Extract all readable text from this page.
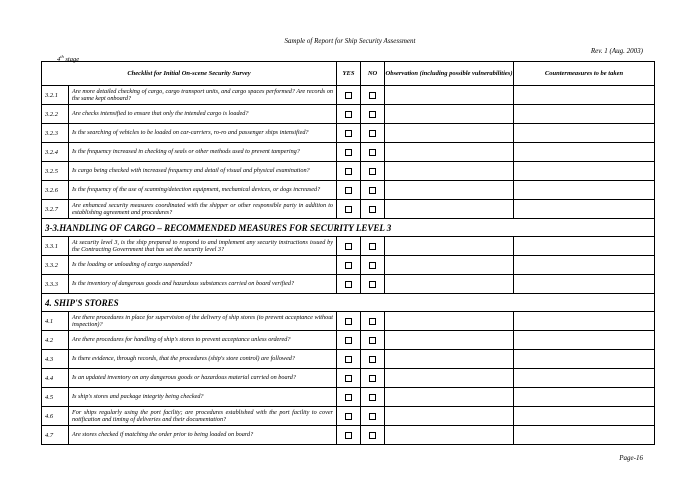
Sample of Report for Ship Security Assessment
Rev. 1 (Aug. 2003)
4th stage
Checklist for Initial On-scene Security Survey		YES	NO	Observation (including possible vulnerabilities)	Countermeasures to be taken
3.2.1	Are more detailed checking of cargo, cargo transport units, and cargo spaces performed? Are records on the same kept onboard?				
3.2.2	Are checks intensified to ensure that only the intended cargo is loaded?				
3.2.3	Is the searching of vehicles to be loaded on car-carriers, ro-ro and passenger ships intensified?				
3.2.4	Is the frequency increased in checking of seals or other methods used to prevent tampering?				
3.2.5	Is cargo being checked with increased frequency and detail of visual and physical examination?				
3.2.6	Is the frequency of the use of scanning/detection equipment, mechanical devices, or dogs increased?				
3.2.7	Are enhanced security measures coordinated with the shipper or other responsible party in addition to establishing agreement and procedures?				
3-3.HANDLING OF CARGO – RECOMMENDED MEASURES FOR SECURITY LEVEL 3					
3.3.1	At security level 3, is the ship prepared to respond to and implement any security instructions issued by the Contracting Government that has set the security level 3?				
3.3.2	Is the loading or unloading of cargo suspended?				
3.3.3	Is the inventory of dangerous goods and hazardous substances carried on board verified?				
4. SHIP'S STORES					
4.1	Are there procedures in place for supervision of the delivery of ship stores (to prevent acceptance without inspection)?				
4.2	Are there procedures for handling of ship's stores to prevent acceptance unless ordered?				
4.3	Is there evidence, through records, that the procedures (ship's store control) are followed?				
4.4	Is an updated inventory on any dangerous goods or hazardous material carried on board?				
4.5	Is ship's stores and package integrity being checked?				
4.6	For ships regularly using the port facility; are procedures established with the port facility to cover notification and timing of deliveries and their documentation?				
4.7	Are stores checked if matching the order prior to being loaded on board?				
Page-16
